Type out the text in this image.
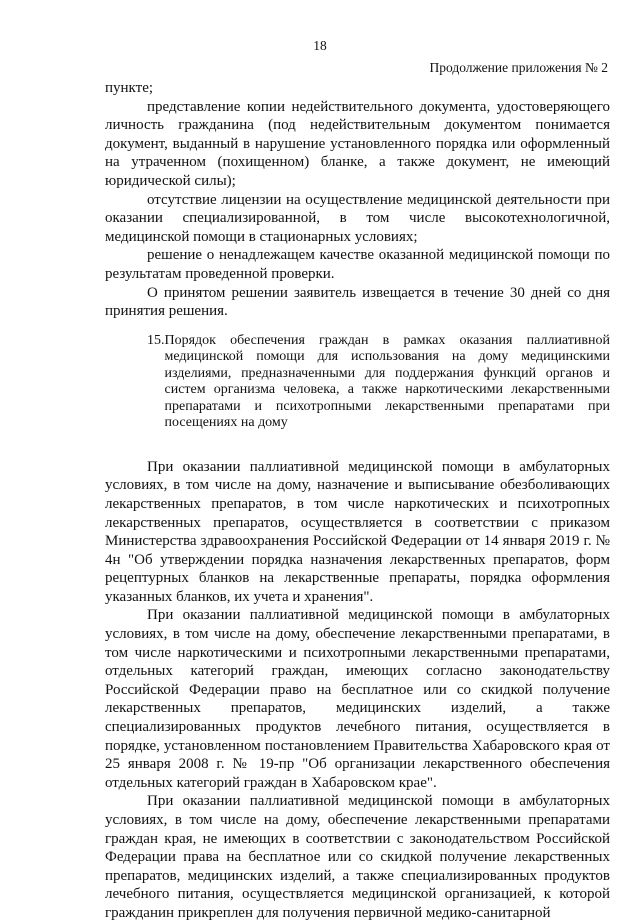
18
Продолжение приложения № 2

пункте;

представление копии недействительного документа, удостоверяющего личность гражданина (под недействительным документом понимается документ, выданный в нарушение установленного порядка или оформленный на утраченном (похищенном) бланке, а также документ, не имеющий юридической силы);

отсутствие лицензии на осуществление медицинской деятельности при оказании специализированной, в том числе высокотехнологичной, медицинской помощи в стационарных условиях;

решение о ненадлежащем качестве оказанной медицинской помощи по результатам проведенной проверки.

О принятом решении заявитель извещается в течение 30 дней со дня принятия решения.

15. Порядок обеспечения граждан в рамках оказания паллиативной медицинской помощи для использования на дому медицинскими изделиями, предназначенными для поддержания функций органов и систем организма человека, а также наркотическими лекарственными препаратами и психотропными лекарственными препаратами при посещениях на дому

При оказании паллиативной медицинской помощи в амбулаторных условиях, в том числе на дому, назначение и выписывание обезболивающих лекарственных препаратов, в том числе наркотических и психотропных лекарственных препаратов, осуществляется в соответствии с приказом Министерства здравоохранения Российской Федерации от 14 января 2019 г. № 4н "Об утверждении порядка назначения лекарственных препаратов, форм рецептурных бланков на лекарственные препараты, порядка оформления указанных бланков, их учета и хранения".

При оказании паллиативной медицинской помощи в амбулаторных условиях, в том числе на дому, обеспечение лекарственными препаратами, в том числе наркотическими и психотропными лекарственными препаратами, отдельных категорий граждан, имеющих согласно законодательству Российской Федерации право на бесплатное или со скидкой получение лекарственных препаратов, медицинских изделий, а также специализированных продуктов лечебного питания, осуществляется в порядке, установленном постановлением Правительства Хабаровского края от 25 января 2008 г. № 19-пр "Об организации лекарственного обеспечения отдельных категорий граждан в Хабаровском крае".

При оказании паллиативной медицинской помощи в амбулаторных условиях, в том числе на дому, обеспечение лекарственными препаратами граждан края, не имеющих в соответствии с законодательством Российской Федерации права на бесплатное или со скидкой получение лекарственных препаратов, медицинских изделий, а также специализированных продуктов лечебного питания, осуществляется медицинской организацией, к которой гражданин прикреплен для получения первичной медико-санитарной
